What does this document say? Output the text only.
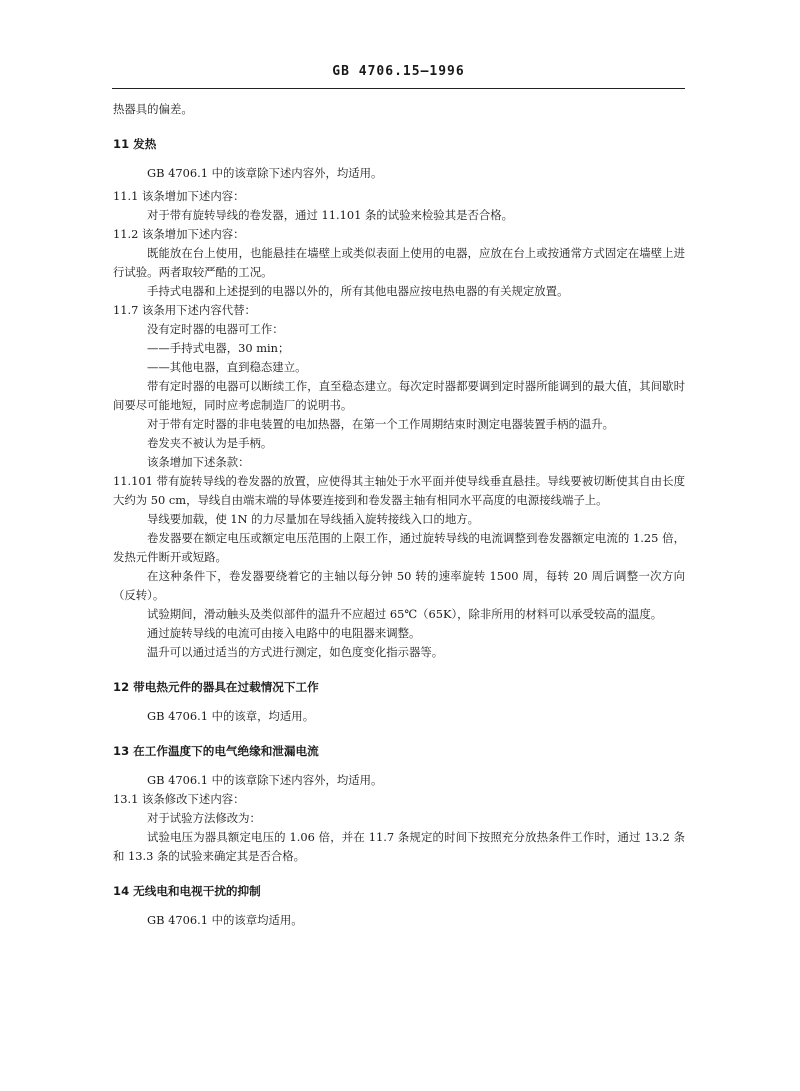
GB 4706.15—1996

热器具的偏差。

11 发热

GB 4706.1 中的该章除下述内容外，均适用。

11.1 该条增加下述内容：

对于带有旋转导线的卷发器，通过 11.101 条的试验来检验其是否合格。

11.2 该条增加下述内容：

既能放在台上使用，也能悬挂在墙壁上或类似表面上使用的电器，应放在台上或按通常方式固定在墙壁上进行试验。两者取较严酷的工况。

手持式电器和上述提到的电器以外的，所有其他电器应按电热电器的有关规定放置。

11.7 该条用下述内容代替：

没有定时器的电器可工作：

——手持式电器，30 min；

——其他电器，直到稳态建立。

带有定时器的电器可以断续工作，直至稳态建立。每次定时器都要调到定时器所能调到的最大值，其间歇时间要尽可能地短，同时应考虑制造厂的说明书。

对于带有定时器的非电装置的电加热器，在第一个工作周期结束时测定电器装置手柄的温升。

卷发夹不被认为是手柄。

该条增加下述条款：

11.101 带有旋转导线的卷发器的放置，应使得其主轴处于水平面并使导线垂直悬挂。导线要被切断使其自由长度大约为 50 cm，导线自由端末端的导体要连接到和卷发器主轴有相同水平高度的电源接线端子上。

导线要加载，使 1N 的力尽量加在导线插入旋转接线入口的地方。

卷发器要在额定电压或额定电压范围的上限工作，通过旋转导线的电流调整到卷发器额定电流的 1.25 倍，发热元件断开或短路。

在这种条件下，卷发器要绕着它的主轴以每分钟 50 转的速率旋转 1500 周，每转 20 周后调整一次方向（反转）。

试验期间，滑动触头及类似部件的温升不应超过 65℃（65K），除非所用的材料可以承受较高的温度。

通过旋转导线的电流可由接入电路中的电阻器来调整。

温升可以通过适当的方式进行测定，如色度变化指示器等。

12 带电热元件的器具在过载情况下工作

GB 4706.1 中的该章，均适用。

13 在工作温度下的电气绝缘和泄漏电流

GB 4706.1 中的该章除下述内容外，均适用。

13.1 该条修改下述内容：

对于试验方法修改为：

试验电压为器具额定电压的 1.06 倍，并在 11.7 条规定的时间下按照充分放热条件工作时，通过 13.2 条和 13.3 条的试验来确定其是否合格。

14 无线电和电视干扰的抑制

GB 4706.1 中的该章均适用。
